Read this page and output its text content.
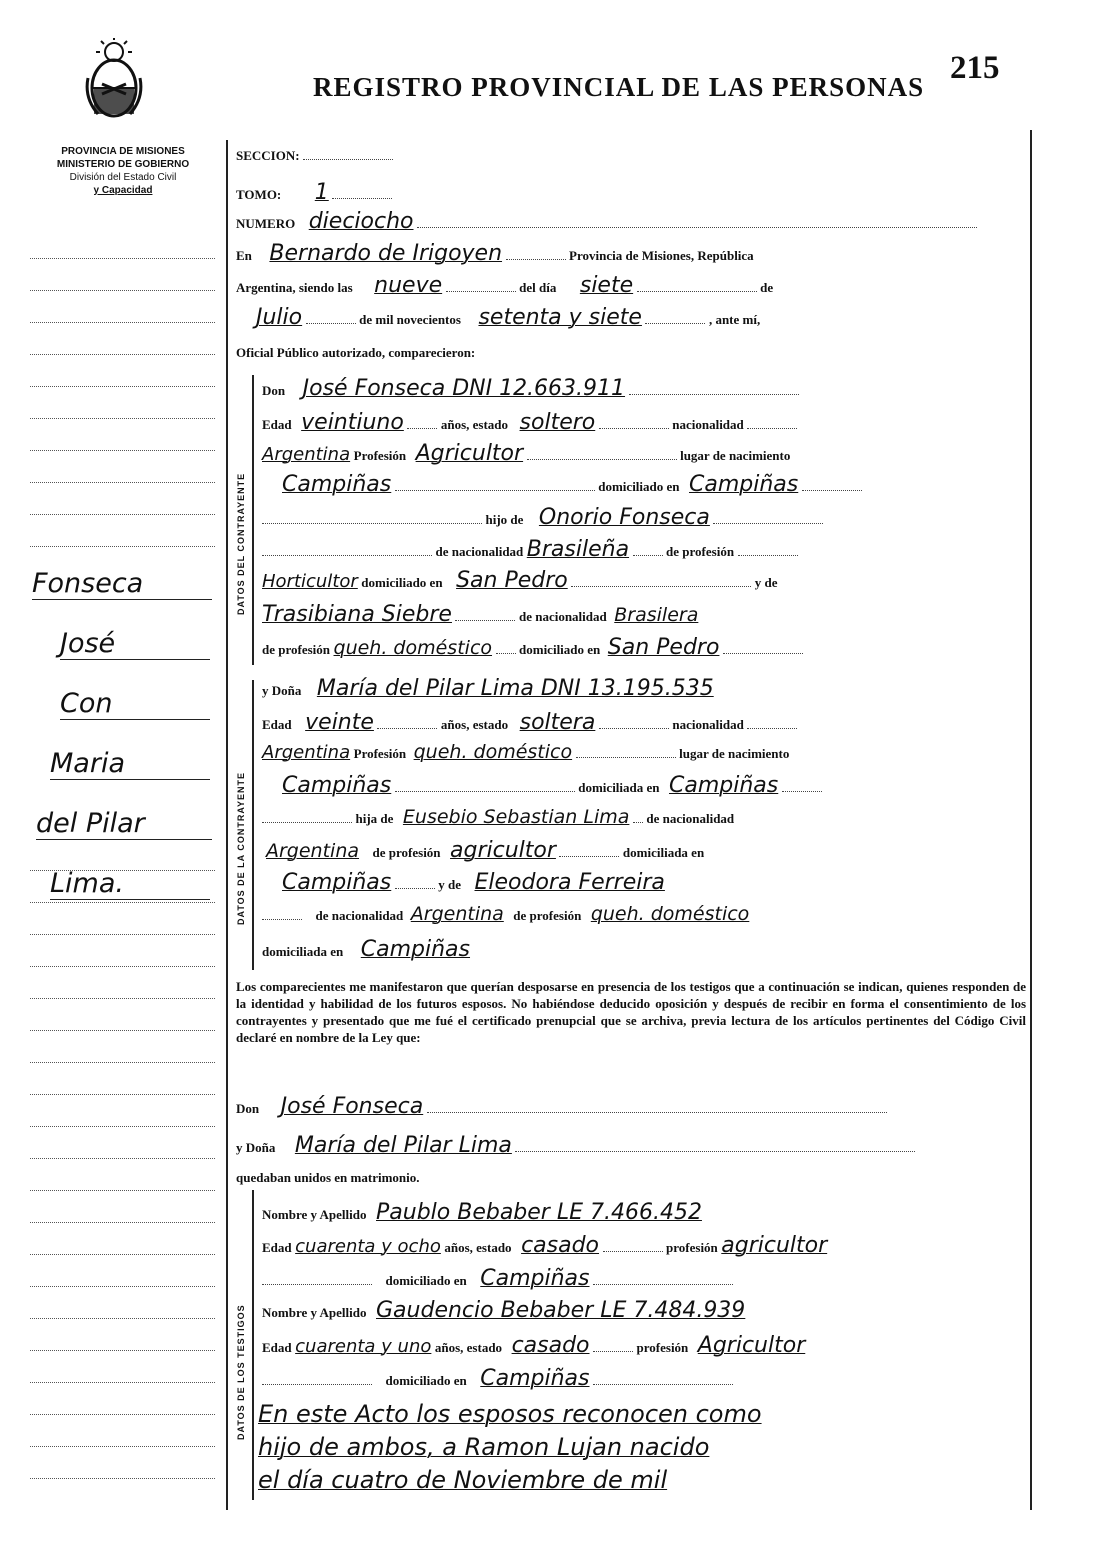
REGISTRO PROVINCIAL DE LAS PERSONAS
215
PROVINCIA DE MISIONES
MINISTERIO DE GOBIERNO
División del Estado Civil
y Capacidad
Fonseca
José
Con
Maria
del Pilar
Lima.
DATOS DEL CONTRAYENTE
DATOS DE LA CONTRAYENTE
DATOS DE LOS TESTIGOS
SECCION:
TOMO: 1
NUMERO dieciocho
En Bernardo de Irigoyen	Provincia de Misiones, República
Argentina, siendo las nueve	del día siete	de
Julio	de mil novecientos setenta y siete	, ante mí,
Oficial Público autorizado, comparecieron:
Don José Fonseca DNI 12.663.911
Edad veintiuno	años, estado soltero	nacionalidad
Argentina Profesión Agricultor	lugar de nacimiento
Campiñas	domiciliado en Campiñas
hijo de Onorio Fonseca
de nacionalidad Brasileña	de profesión
Horticultor domiciliado en San Pedro	y de
Trasibiana Siebre	de nacionalidad Brasilera
de profesión queh. doméstico domiciliado en San Pedro
y Doña María del Pilar Lima DNI 13.195.535
Edad veinte	años, estado soltera	nacionalidad
Argentina Profesión queh. doméstico	lugar de nacimiento
Campiñas	domiciliada en Campiñas
hija de Eusebio Sebastian Lima de nacionalidad
Argentina de profesión agricultor	domiciliada en
Campiñas	y de Eleodora Ferreira
de nacionalidad Argentina de profesión queh. doméstico
domiciliada en Campiñas
Los comparecientes me manifestaron que querían desposarse en presencia de los testigos que a continuación se indican, quienes responden de la identidad y habilidad de los futuros esposos. No habiéndose deducido oposición y después de recibir en forma el consentimiento de los contrayentes y presentado que me fué el certificado prenupcial que se archiva, previa lectura de los artículos pertinentes del Código Civil declaré en nombre de la Ley que:
Don José Fonseca
y Doña María del Pilar Lima
quedaban unidos en matrimonio.
Nombre y Apellido Paublo Bebaber LE 7.466.452
Edad cuarenta y ocho años, estado casado	profesión agricultor
domiciliado en Campiñas
Nombre y Apellido Gaudencio Bebaber LE 7.484.939
Edad cuarenta y uno años, estado casado	profesión Agricultor
domiciliado en Campiñas
En este Acto los esposos reconocen como
hijo de ambos, a Ramon Lujan nacido
el día cuatro de Noviembre de mil
